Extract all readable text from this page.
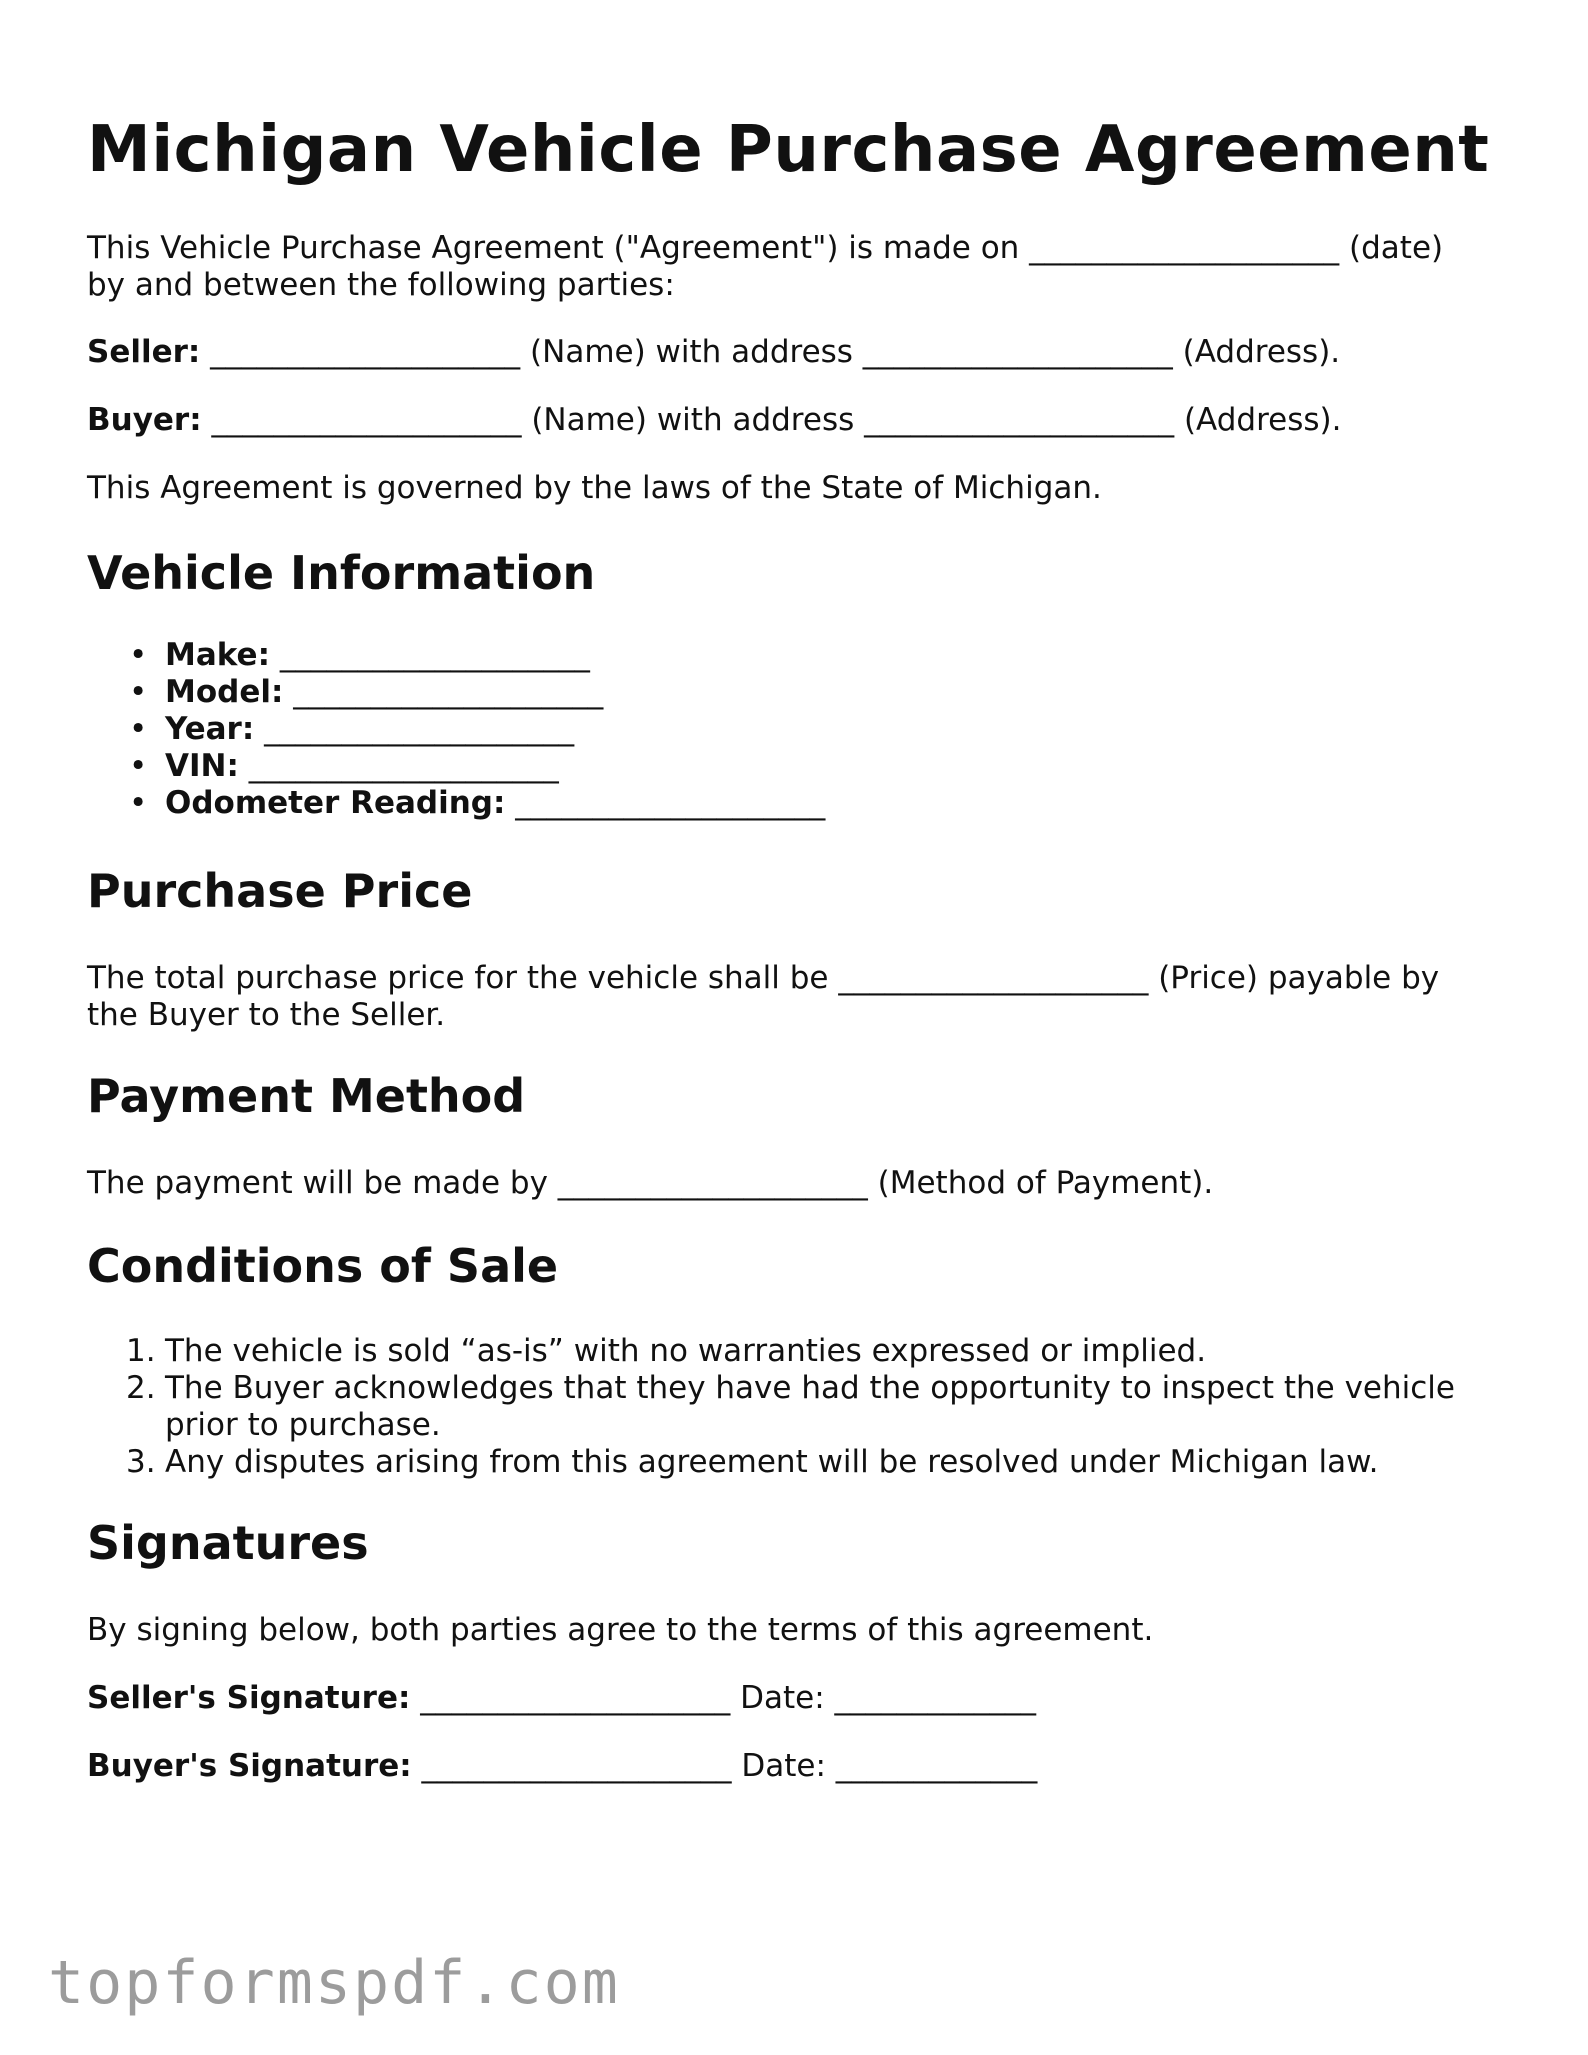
Michigan Vehicle Purchase Agreement

This Vehicle Purchase Agreement ("Agreement") is made on ____________________ (date)

by and between the following parties:

Seller: ____________________ (Name) with address ____________________ (Address).

Buyer: ____________________ (Name) with address ____________________ (Address).

This Agreement is governed by the laws of the State of Michigan.

Vehicle Information
• Make: ____________________
• Model: ____________________
• Year: ____________________
• VIN: ____________________
• Odometer Reading: ____________________
Purchase Price

The total purchase price for the vehicle shall be ____________________ (Price) payable by

the Buyer to the Seller.

Payment Method

The payment will be made by ____________________ (Method of Payment).

Conditions of Sale
1. The vehicle is sold “as-is” with no warranties expressed or implied.
2. The Buyer acknowledges that they have had the opportunity to inspect the vehicle
prior to purchase.
3. Any disputes arising from this agreement will be resolved under Michigan law.
Signatures

By signing below, both parties agree to the terms of this agreement.

Seller's Signature: ____________________ Date: _____________

Buyer's Signature: ____________________ Date: _____________

topformspdf.com
